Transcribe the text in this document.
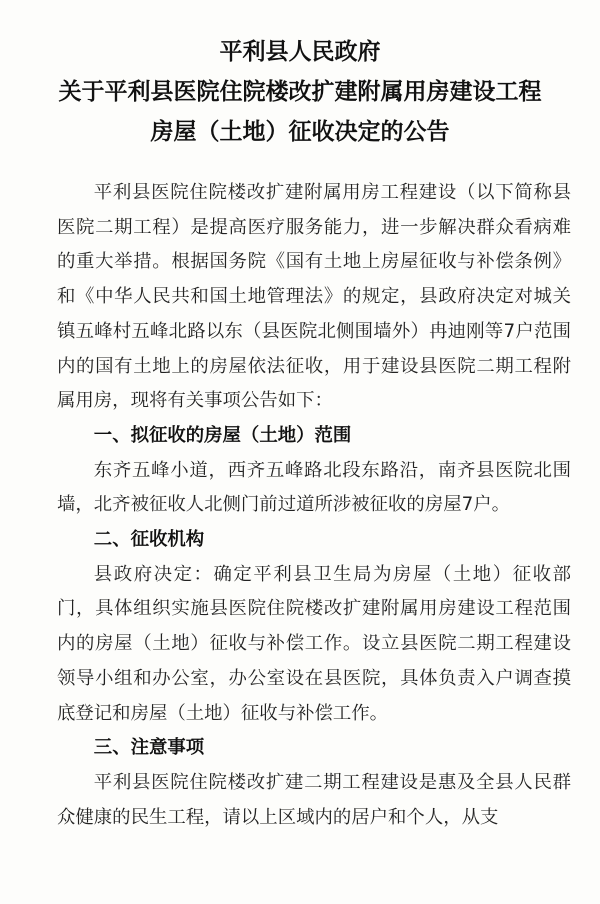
平利县人民政府
关于平利县医院住院楼改扩建附属用房建设工程
房屋（土地）征收决定的公告

平利县医院住院楼改扩建附属用房工程建设（以下简称县医院二期工程）是提高医疗服务能力，进一步解决群众看病难的重大举措。根据国务院《国有土地上房屋征收与补偿条例》和《中华人民共和国土地管理法》的规定，县政府决定对城关镇五峰村五峰北路以东（县医院北侧围墙外）冉迪刚等7户范围内的国有土地上的房屋依法征收，用于建设县医院二期工程附属用房，现将有关事项公告如下：

一、拟征收的房屋（土地）范围

东齐五峰小道，西齐五峰路北段东路沿，南齐县医院北围墙，北齐被征收人北侧门前过道所涉被征收的房屋7户。

二、征收机构

县政府决定：确定平利县卫生局为房屋（土地）征收部门，具体组织实施县医院住院楼改扩建附属用房建设工程范围内的房屋（土地）征收与补偿工作。设立县医院二期工程建设领导小组和办公室，办公室设在县医院，具体负责入户调查摸底登记和房屋（土地）征收与补偿工作。

三、注意事项

平利县医院住院楼改扩建二期工程建设是惠及全县人民群众健康的民生工程，请以上区域内的居户和个人，从支
